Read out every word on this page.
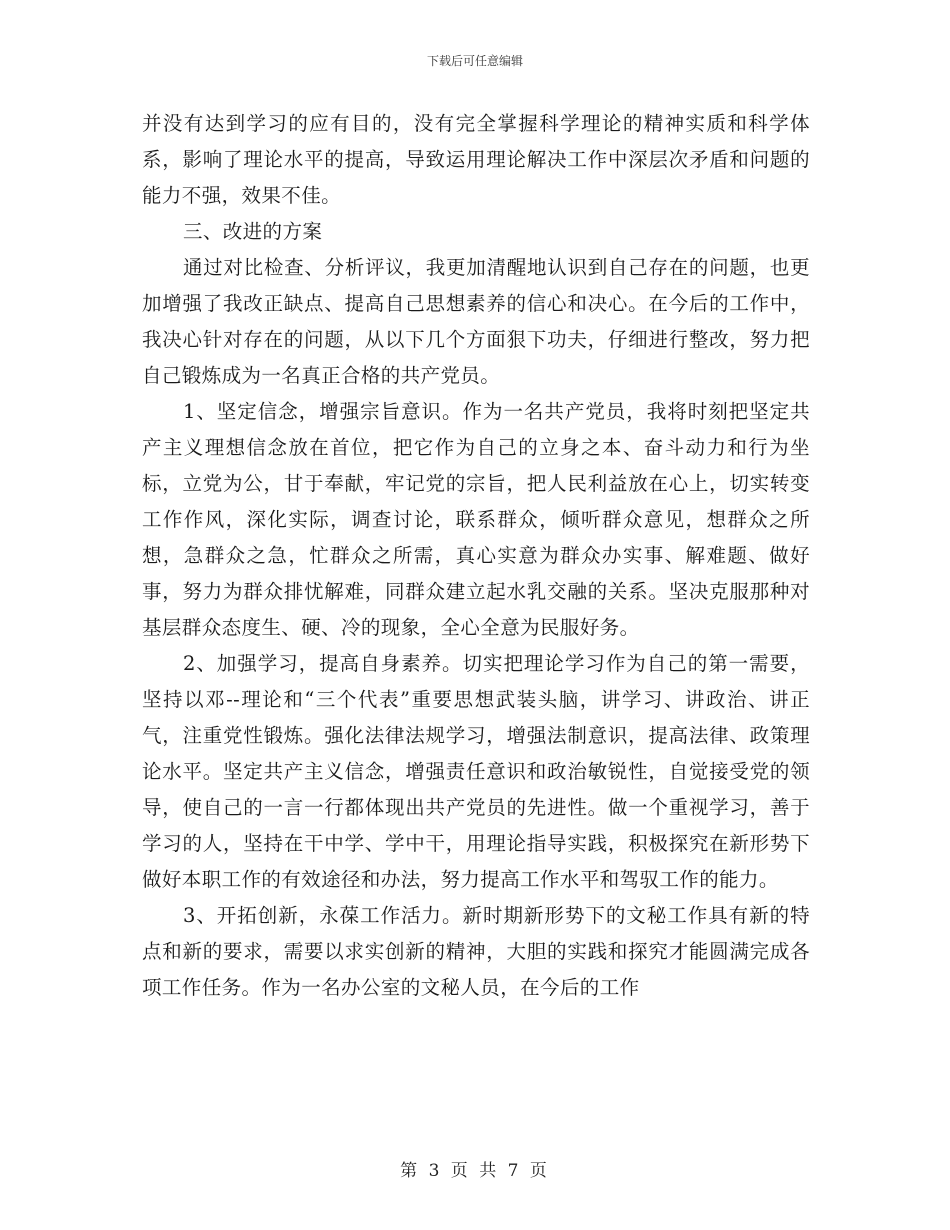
下载后可任意编辑

并没有达到学习的应有目的，没有完全掌握科学理论的精神实质和科学体系，影响了理论水平的提高，导致运用理论解决工作中深层次矛盾和问题的能力不强，效果不佳。

三、改进的方案

通过对比检查、分析评议，我更加清醒地认识到自己存在的问题，也更加增强了我改正缺点、提高自己思想素养的信心和决心。在今后的工作中，我决心针对存在的问题，从以下几个方面狠下功夫，仔细进行整改，努力把自己锻炼成为一名真正合格的共产党员。

1、坚定信念，增强宗旨意识。作为一名共产党员，我将时刻把坚定共产主义理想信念放在首位，把它作为自己的立身之本、奋斗动力和行为坐标，立党为公，甘于奉献，牢记党的宗旨，把人民利益放在心上，切实转变工作作风，深化实际，调查讨论，联系群众，倾听群众意见，想群众之所想，急群众之急，忙群众之所需，真心实意为群众办实事、解难题、做好事，努力为群众排忧解难，同群众建立起水乳交融的关系。坚决克服那种对基层群众态度生、硬、冷的现象，全心全意为民服好务。

2、加强学习，提高自身素养。切实把理论学习作为自己的第一需要，坚持以邓--理论和“三个代表”重要思想武装头脑，讲学习、讲政治、讲正气，注重党性锻炼。强化法律法规学习，增强法制意识，提高法律、政策理论水平。坚定共产主义信念，增强责任意识和政治敏锐性，自觉接受党的领导，使自己的一言一行都体现出共产党员的先进性。做一个重视学习，善于学习的人，坚持在干中学、学中干，用理论指导实践，积极探究在新形势下做好本职工作的有效途径和办法，努力提高工作水平和驾驭工作的能力。

3、开拓创新，永葆工作活力。新时期新形势下的文秘工作具有新的特点和新的要求，需要以求实创新的精神，大胆的实践和探究才能圆满完成各项工作任务。作为一名办公室的文秘人员，在今后的工作

第 3 页 共 7 页
